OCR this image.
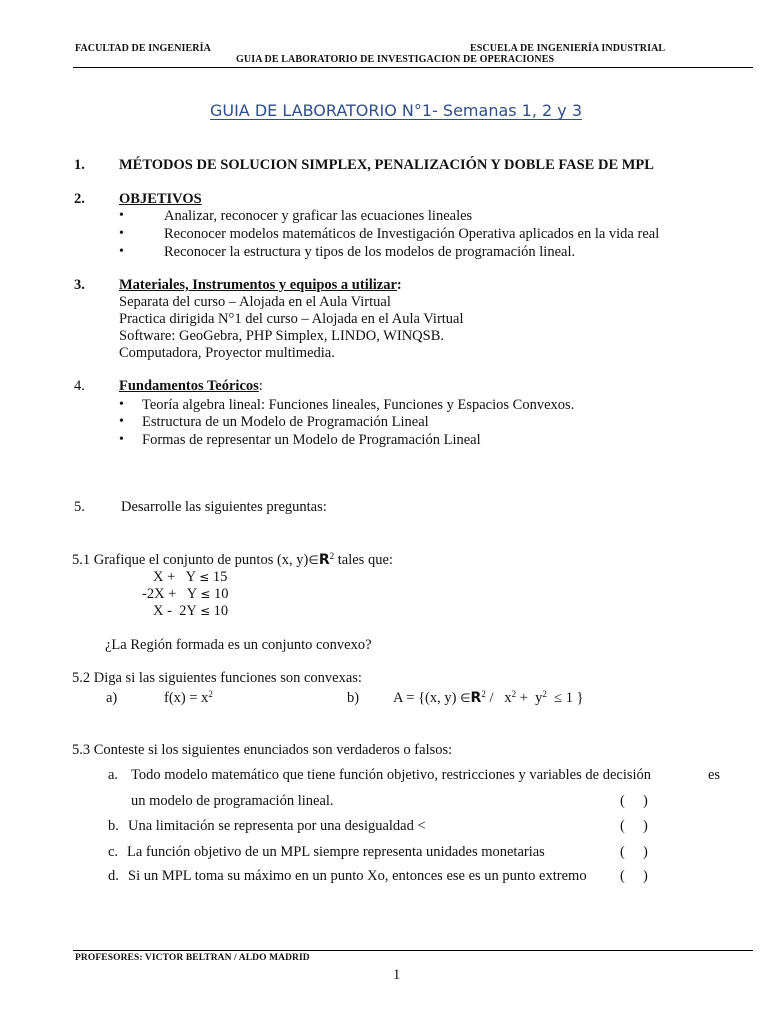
FACULTAD DE INGENIERÍA	ESCUELA DE INGENIERÍA INDUSTRIAL
GUIA DE LABORATORIO DE INVESTIGACION DE OPERACIONES
GUIA DE LABORATORIO N°1- Semanas 1, 2 y 3
1. MÉTODOS DE SOLUCION SIMPLEX, PENALIZACIÓN Y DOBLE FASE DE MPL
2. OBJETIVOS
•	Analizar, reconocer y graficar las ecuaciones lineales
•	Reconocer modelos matemáticos de Investigación Operativa aplicados en la vida real
•	Reconocer la estructura y tipos de los modelos de programación lineal.
3. Materiales, Instrumentos y equipos a utilizar:
Separata del curso – Alojada en el Aula Virtual
Practica dirigida N°1 del curso – Alojada en el Aula Virtual
Software: GeoGebra, PHP Simplex, LINDO, WINQSB.
Computadora, Proyector multimedia.
4. Fundamentos Teóricos:
• Teoría algebra lineal: Funciones lineales, Funciones y Espacios Convexos.
• Estructura de un Modelo de Programación Lineal
• Formas de representar un Modelo de Programación Lineal
5. Desarrolle las siguientes preguntas:
5.1 Grafique el conjunto de puntos (x, $y)\in R^2$ tales que:
X +   Y ≤ 15
-2X +   Y ≤ 10
X -  2Y ≤ 10
¿La Región formada es un conjunto convexo?
5.2 Diga si las siguientes funciones son convexas:
a)	$f(x) = x^2$	b) A = {(x, y) $\in R^2 / x^2 + y^2 \le 1$ }
5.3 Conteste si los siguientes enunciados son verdaderos o falsos:
a. Todo modelo matemático que tiene función objetivo, restricciones y variables de decisión	es
un modelo de programación lineal.	(     )
b. Una limitación se representa por una desigualdad <	(     )
c. La función objetivo de un MPL siempre representa unidades monetarias	(     )
d. Si un MPL toma su máximo en un punto Xo, entonces ese es un punto extremo (     )
PROFESORES: VICTOR BELTRAN / ALDO MADRID
1
